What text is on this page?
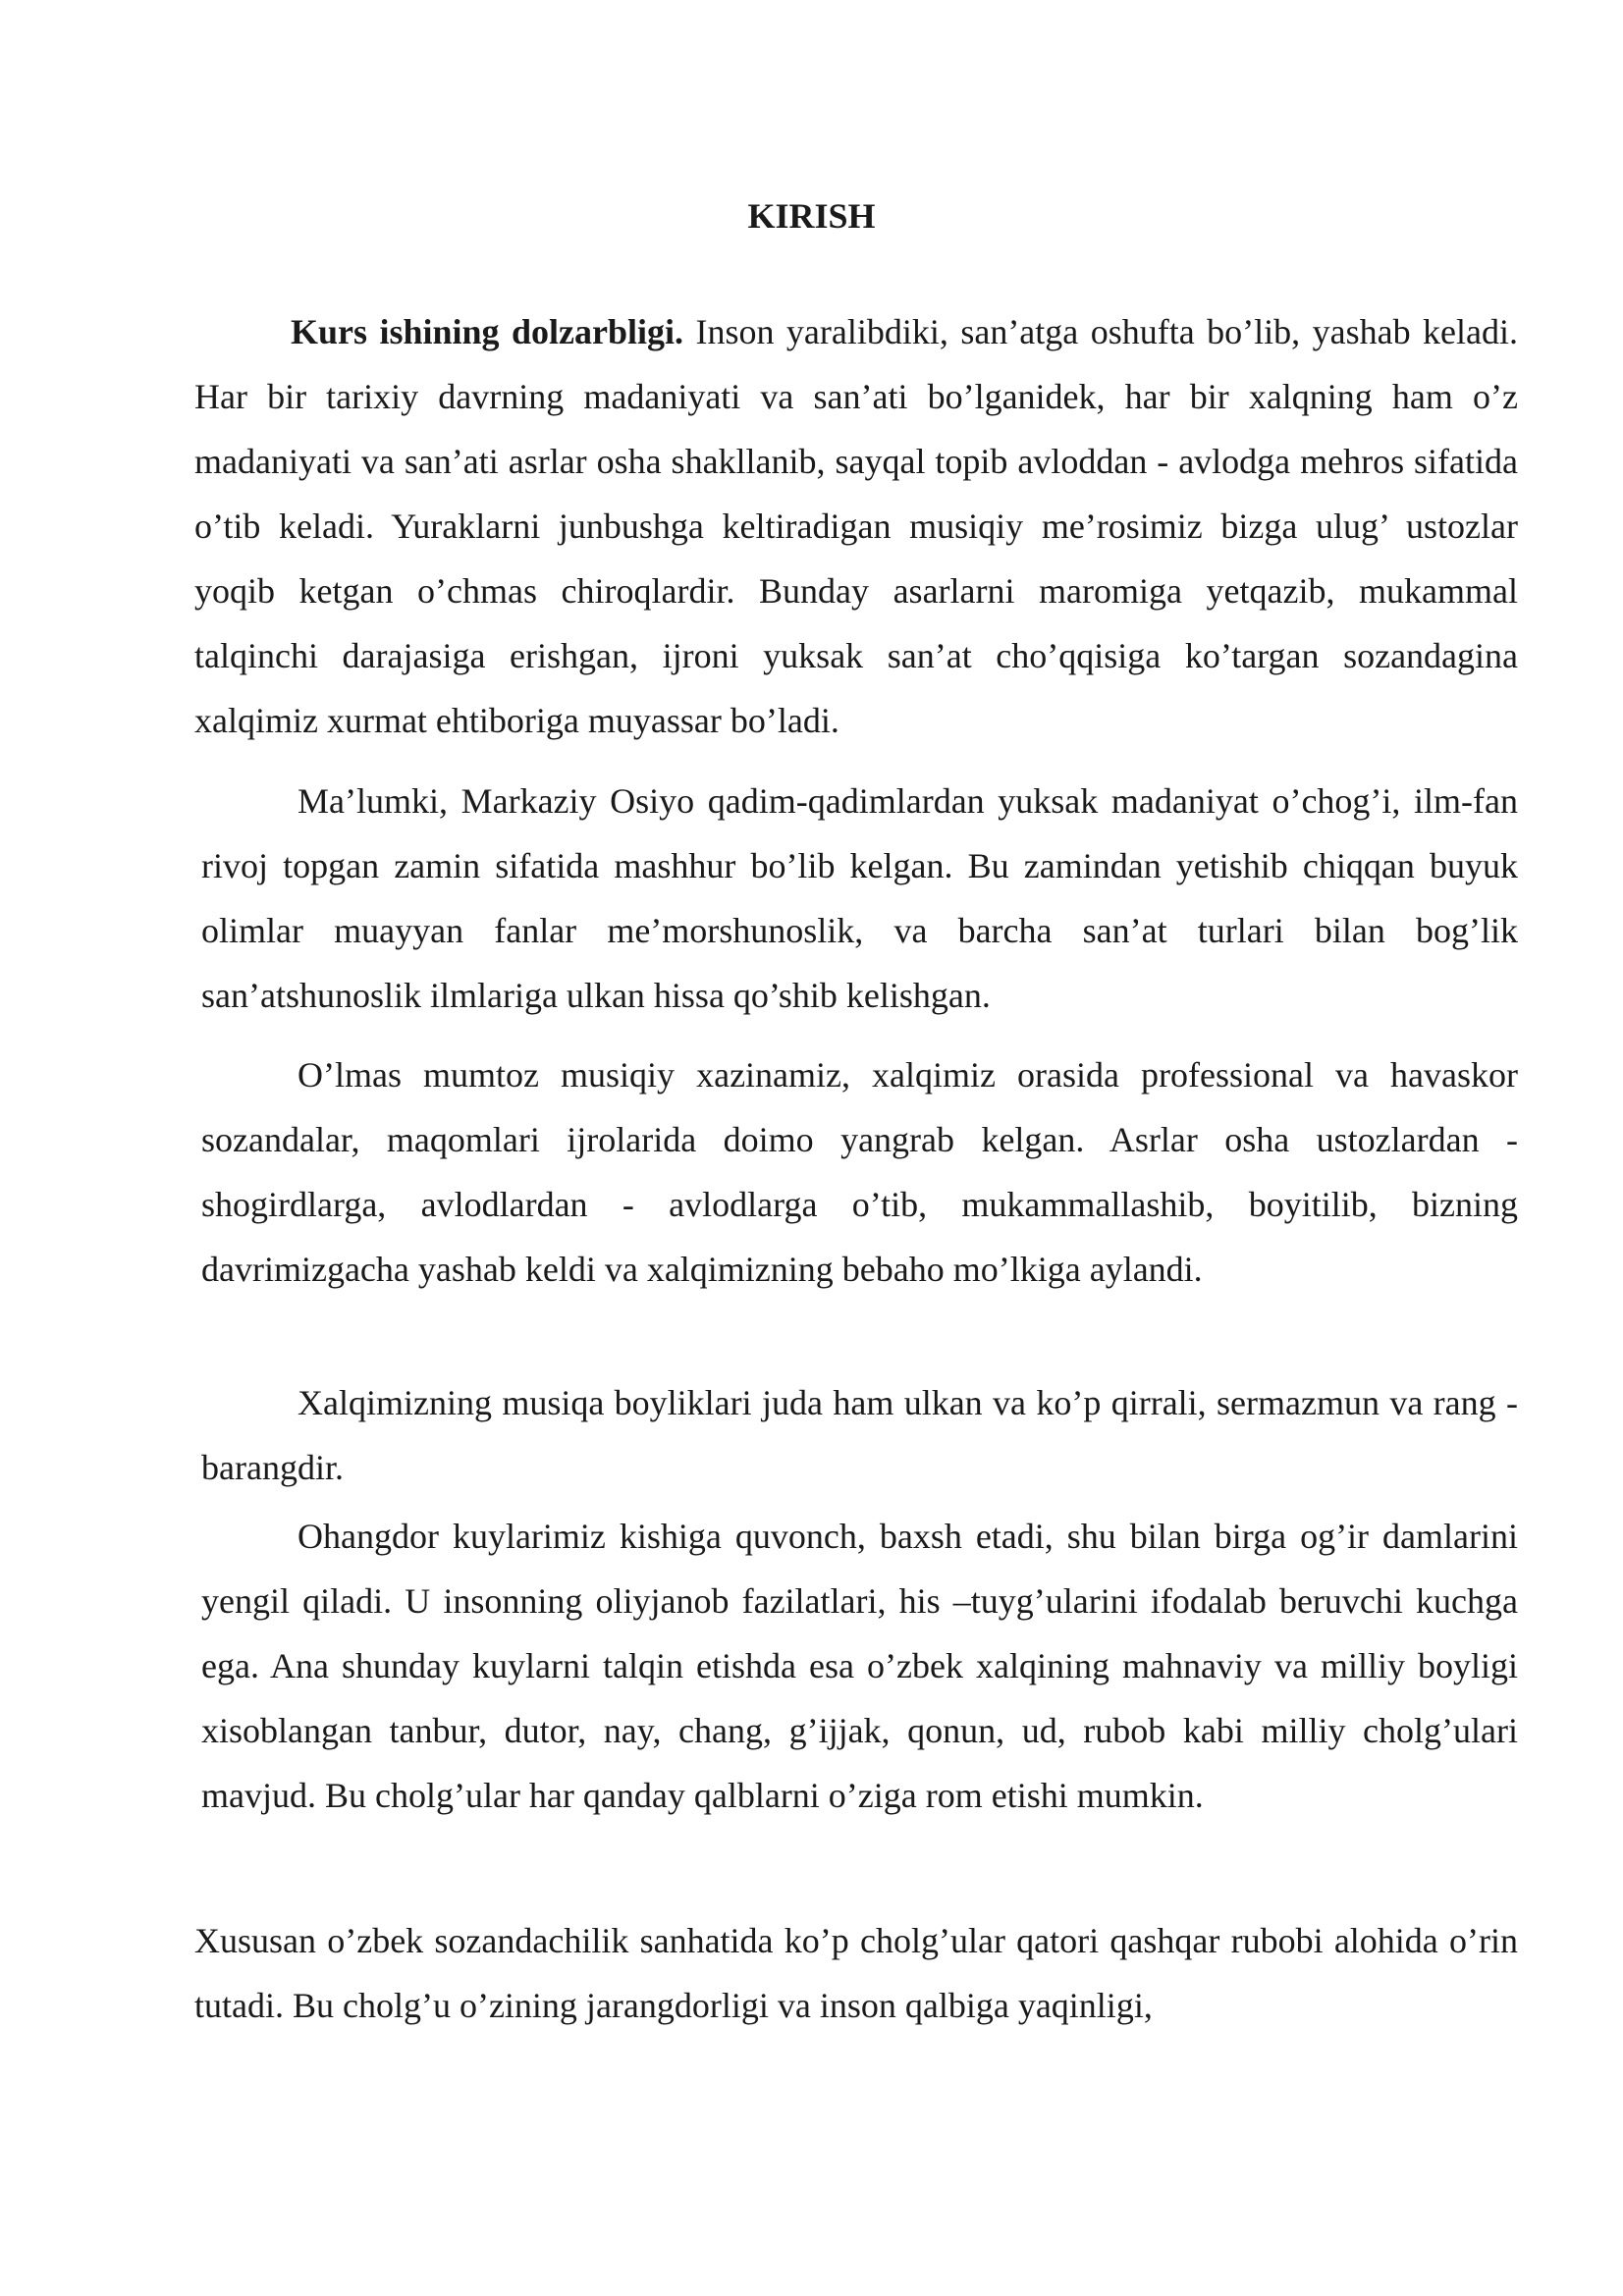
KIRISH

Kurs ishining dolzarbligi. Inson yaralibdiki, san’atga oshufta bo’lib, yashab keladi. Har bir tarixiy davrning madaniyati va san’ati bo’lganidek, har bir xalqning ham o’z madaniyati va san’ati asrlar osha shakllanib, sayqal topib avloddan - avlodga mehros sifatida o’tib keladi. Yuraklarni junbushga keltiradigan musiqiy me’rosimiz bizga ulug’ ustozlar yoqib ketgan o’chmas chiroqlardir. Bunday asarlarni maromiga yetqazib, mukammal talqinchi darajasiga erishgan, ijroni yuksak san’at cho’qqisiga ko’targan sozandagina xalqimiz xurmat ehtiboriga muyassar bo’ladi.

Ma’lumki, Markaziy Osiyo qadim-qadimlardan yuksak madaniyat o’chog’i, ilm-fan rivoj topgan zamin sifatida mashhur bo’lib kelgan. Bu zamindan yetishib chiqqan buyuk olimlar muayyan fanlar me’morshunoslik, va barcha san’at turlari bilan bog’lik san’atshunoslik ilmlariga ulkan hissa qo’shib kelishgan.

O’lmas mumtoz musiqiy xazinamiz, xalqimiz orasida professional va havaskor sozandalar, maqomlari ijrolarida doimo yangrab kelgan. Asrlar osha ustozlardan - shogirdlarga, avlodlardan - avlodlarga o’tib, mukammallashib, boyitilib, bizning davrimizgacha yashab keldi va xalqimizning bebaho mo’lkiga aylandi.

Xalqimizning musiqa boyliklari juda ham ulkan va ko’p qirrali, sermazmun va rang - barangdir.

Ohangdor kuylarimiz kishiga quvonch, baxsh etadi, shu bilan birga og’ir damlarini yengil qiladi. U insonning oliyjanob fazilatlari, his –tuyg’ularini ifodalab beruvchi kuchga ega. Ana shunday kuylarni talqin etishda esa o’zbek xalqining mahnaviy va milliy boyligi xisoblangan tanbur, dutor, nay, chang, g’ijjak, qonun, ud, rubob kabi milliy cholg’ulari mavjud. Bu cholg’ular har qanday qalblarni o’ziga rom etishi mumkin.

Xususan o’zbek sozandachilik sanhatida ko’p cholg’ular qatori qashqar rubobi alohida o’rin tutadi. Bu cholg’u o’zining jarangdorligi va inson qalbiga yaqinligi,
